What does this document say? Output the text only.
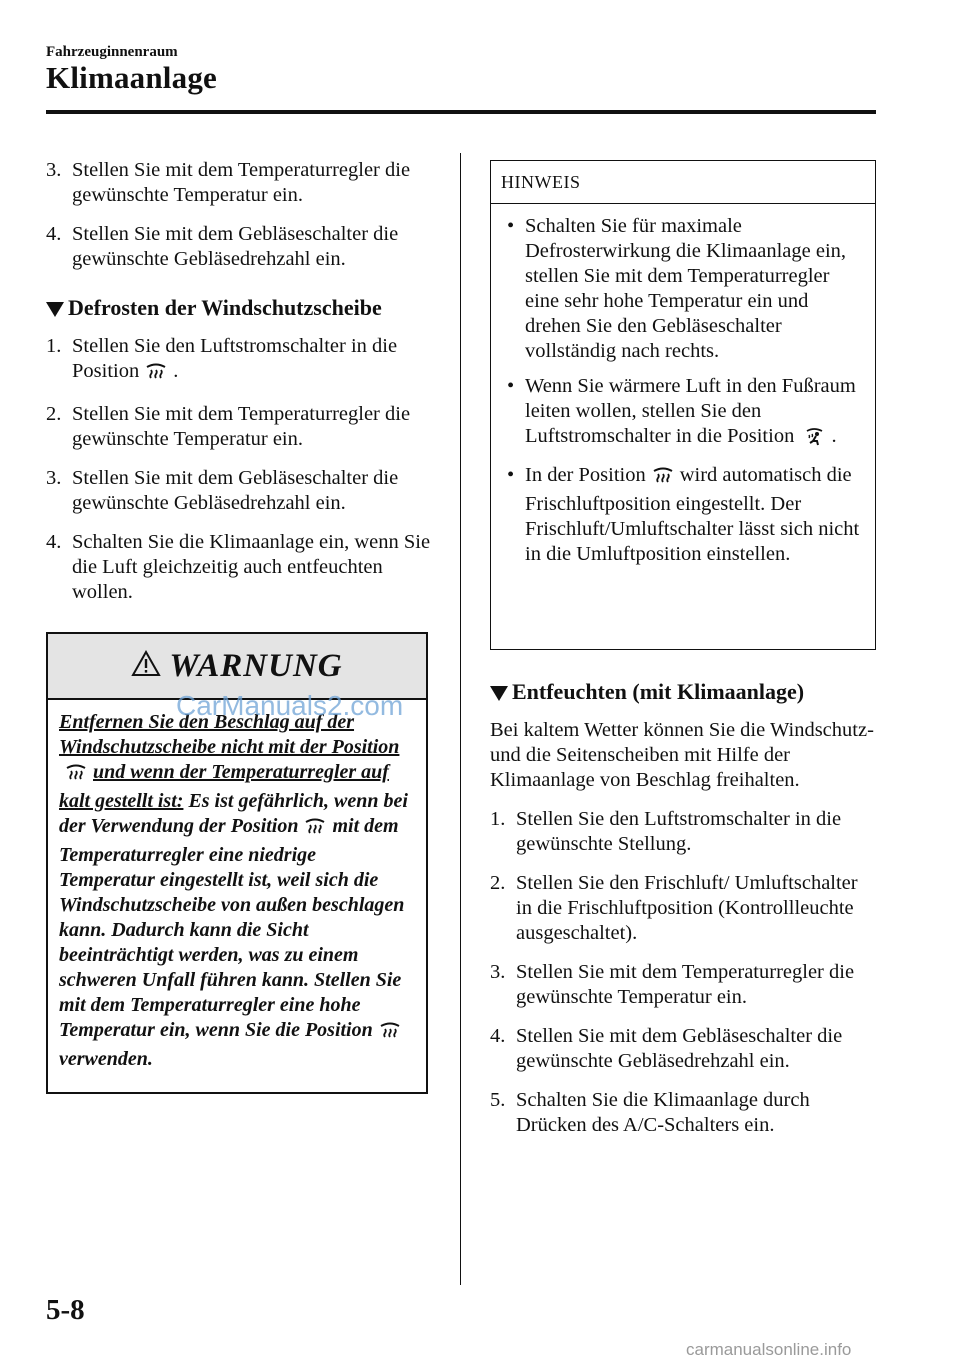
Fahrzeuginnenraum
Klimaanlage
3. Stellen Sie mit dem Temperaturregler die gewünschte Temperatur ein.
4. Stellen Sie mit dem Gebläseschalter die gewünschte Gebläsedrehzahl ein.
Defrosten der Windschutzscheibe
1. Stellen Sie den Luftstromschalter in die Position .
2. Stellen Sie mit dem Temperaturregler die gewünschte Temperatur ein.
3. Stellen Sie mit dem Gebläseschalter die gewünschte Gebläsedrehzahl ein.
4. Schalten Sie die Klimaanlage ein, wenn Sie die Luft gleichzeitig auch entfeuchten wollen.
WARNUNG
Entfernen Sie den Beschlag auf der Windschutzscheibe nicht mit der Positionund wenn der Temperaturregler auf kalt gestellt ist: Es ist gefährlich, wenn bei der Verwendung der Position mit dem Temperaturregler eine niedrige Temperatur eingestellt ist, weil sich die Windschutzscheibe von außen beschlagen kann. Dadurch kann die Sicht beeinträchtigt werden, was zu einem schweren Unfall führen kann. Stellen Sie mit dem Temperaturregler eine hohe Temperatur ein, wenn Sie die Positionverwenden.
HINWEIS
• Schalten Sie für maximale Defrosterwirkung die Klimaanlage ein, stellen Sie mit dem Temperaturregler eine sehr hohe Temperatur ein und drehen Sie den Gebläseschalter vollständig nach rechts.
• Wenn Sie wärmere Luft in den Fußraum leiten wollen, stellen Sie den Luftstromschalter in die Position .
• In der Position wird automatisch die Frischluftposition eingestellt. Der Frischluft/Umluftschalter lässt sich nicht in die Umluftposition einstellen.
Entfeuchten (mit Klimaanlage)
Bei kaltem Wetter können Sie die Windschutz- und die Seitenscheiben mit Hilfe der Klimaanlage von Beschlag freihalten.
1. Stellen Sie den Luftstromschalter in die gewünschte Stellung.
2. Stellen Sie den Frischluft/ Umluftschalter in die Frischluftposition (Kontrollleuchte ausgeschaltet).
3. Stellen Sie mit dem Temperaturregler die gewünschte Temperatur ein.
4. Stellen Sie mit dem Gebläseschalter die gewünschte Gebläsedrehzahl ein.
5. Schalten Sie die Klimaanlage durch Drücken des A/C-Schalters ein.
CarManuals2.com
5-8
carmanualsonline.info
